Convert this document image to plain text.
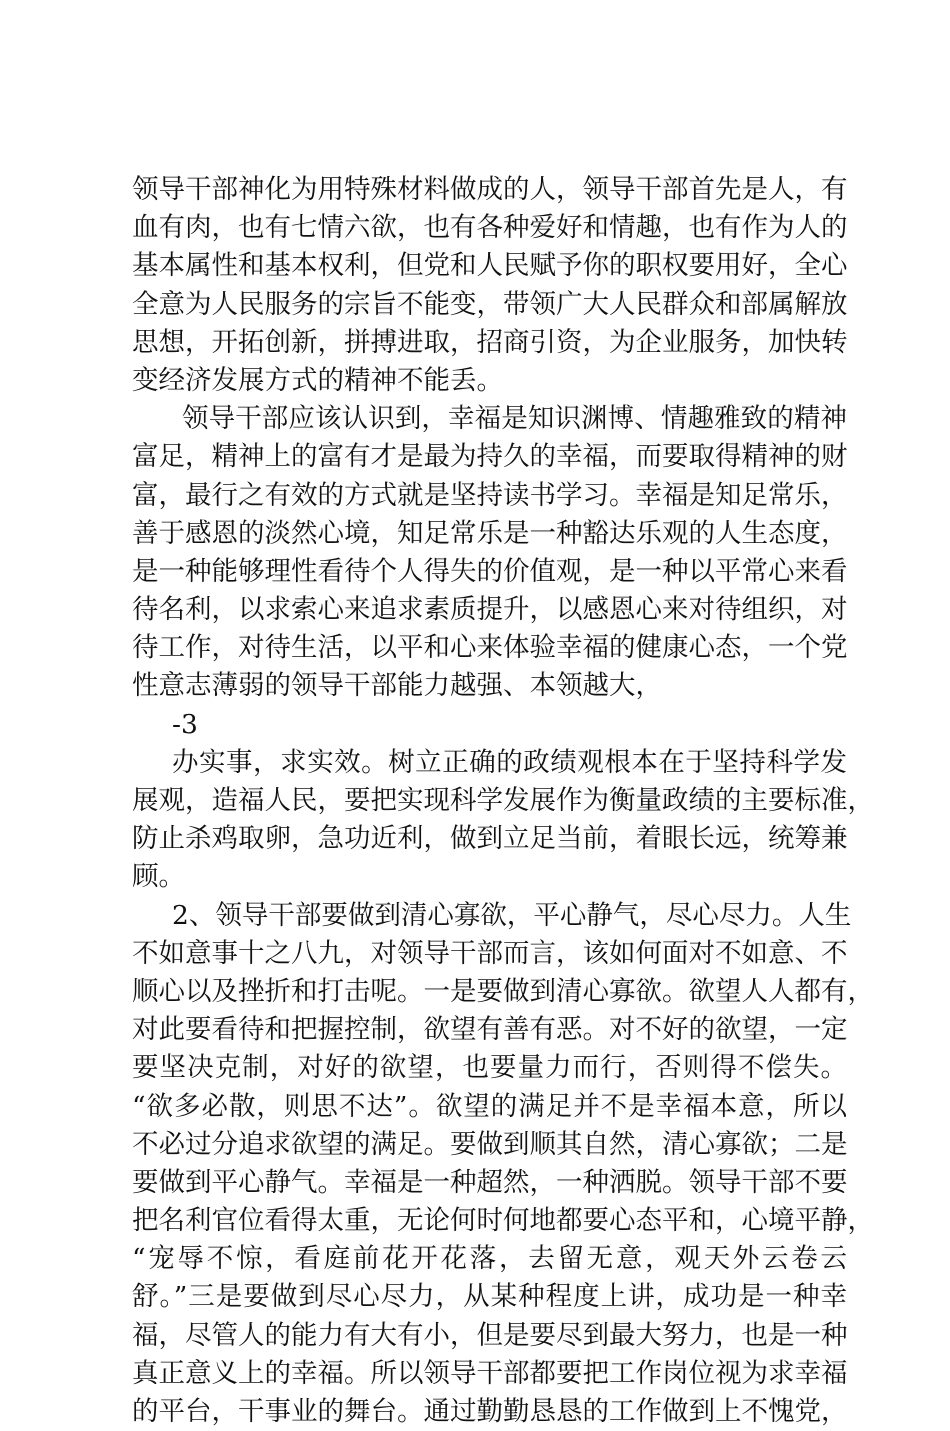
领导干部神化为用特殊材料做成的人，领导干部首先是人，有
血有肉，也有七情六欲，也有各种爱好和情趣，也有作为人的
基本属性和基本权利，但党和人民赋予你的职权要用好，全心
全意为人民服务的宗旨不能变，带领广大人民群众和部属解放
思想，开拓创新，拼搏进取，招商引资，为企业服务，加快转
变经济发展方式的精神不能丢。
领导干部应该认识到，幸福是知识渊博、情趣雅致的精神
富足，精神上的富有才是最为持久的幸福，而要取得精神的财
富，最行之有效的方式就是坚持读书学习。幸福是知足常乐，
善于感恩的淡然心境，知足常乐是一种豁达乐观的人生态度，
是一种能够理性看待个人得失的价值观，是一种以平常心来看
待名利，以求索心来追求素质提升，以感恩心来对待组织，对
待工作，对待生活，以平和心来体验幸福的健康心态，一个党
性意志薄弱的领导干部能力越强、本领越大，
-3
办实事，求实效。树立正确的政绩观根本在于坚持科学发
展观，造福人民，要把实现科学发展作为衡量政绩的主要标准，
防止杀鸡取卵，急功近利，做到立足当前，着眼长远，统筹兼
顾。
2、领导干部要做到清心寡欲，平心静气，尽心尽力。人生
不如意事十之八九，对领导干部而言，该如何面对不如意、不
顺心以及挫折和打击呢。一是要做到清心寡欲。欲望人人都有，
对此要看待和把握控制，欲望有善有恶。对不好的欲望，一定
要坚决克制，对好的欲望，也要量力而行，否则得不偿失。
“欲多必散，则思不达”。欲望的满足并不是幸福本意，所以
不必过分追求欲望的满足。要做到顺其自然，清心寡欲；二是
要做到平心静气。幸福是一种超然，一种洒脱。领导干部不要
把名利官位看得太重，无论何时何地都要心态平和，心境平静，
“宠辱不惊，看庭前花开花落，去留无意，观天外云卷云
舒。”三是要做到尽心尽力，从某种程度上讲，成功是一种幸
福，尽管人的能力有大有小，但是要尽到最大努力，也是一种
真正意义上的幸福。所以领导干部都要把工作岗位视为求幸福
的平台，干事业的舞台。通过勤勤恳恳的工作做到上不愧党，
